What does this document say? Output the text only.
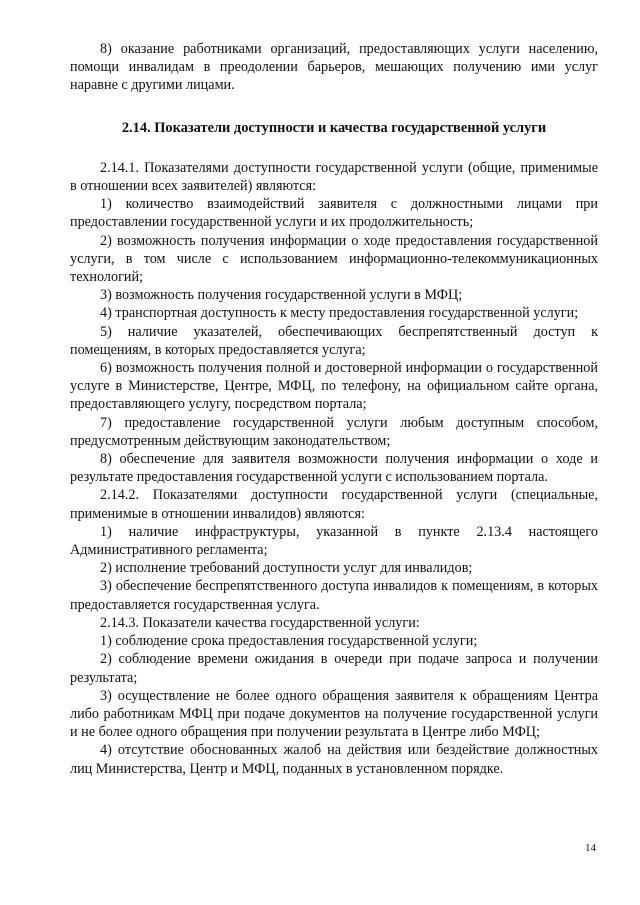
8) оказание работниками организаций, предоставляющих услуги населению, помощи инвалидам в преодолении барьеров, мешающих получению ими услуг наравне с другими лицами.

2.14. Показатели доступности и качества государственной услуги

2.14.1. Показателями доступности государственной услуги (общие, применимые в отношении всех заявителей) являются:

1) количество взаимодействий заявителя с должностными лицами при предоставлении государственной услуги и их продолжительность;

2) возможность получения информации о ходе предоставления государственной услуги, в том числе с использованием информационно-телекоммуникационных технологий;

3) возможность получения государственной услуги в МФЦ;

4) транспортная доступность к месту предоставления государственной услуги;

5) наличие указателей, обеспечивающих беспрепятственный доступ к помещениям, в которых предоставляется услуга;

6) возможность получения полной и достоверной информации о государственной услуге в Министерстве, Центре, МФЦ, по телефону, на официальном сайте органа, предоставляющего услугу, посредством портала;

7) предоставление государственной услуги любым доступным способом, предусмотренным действующим законодательством;

8) обеспечение для заявителя возможности получения информации о ходе и результате предоставления государственной услуги с использованием портала.

2.14.2. Показателями доступности государственной услуги (специальные, применимые в отношении инвалидов) являются:

1) наличие инфраструктуры, указанной в пункте 2.13.4 настоящего Административного регламента;

2) исполнение требований доступности услуг для инвалидов;

3) обеспечение беспрепятственного доступа инвалидов к помещениям, в которых предоставляется государственная услуга.

2.14.3. Показатели качества государственной услуги:

1) соблюдение срока предоставления государственной услуги;

2) соблюдение времени ожидания в очереди при подаче запроса и получении результата;

3) осуществление не более одного обращения заявителя к обращениям Центра либо работникам МФЦ при подаче документов на получение государственной услуги и не более одного обращения при получении результата в Центре либо МФЦ;

4) отсутствие обоснованных жалоб на действия или бездействие должностных лиц Министерства, Центр и МФЦ, поданных в установленном порядке.

14
